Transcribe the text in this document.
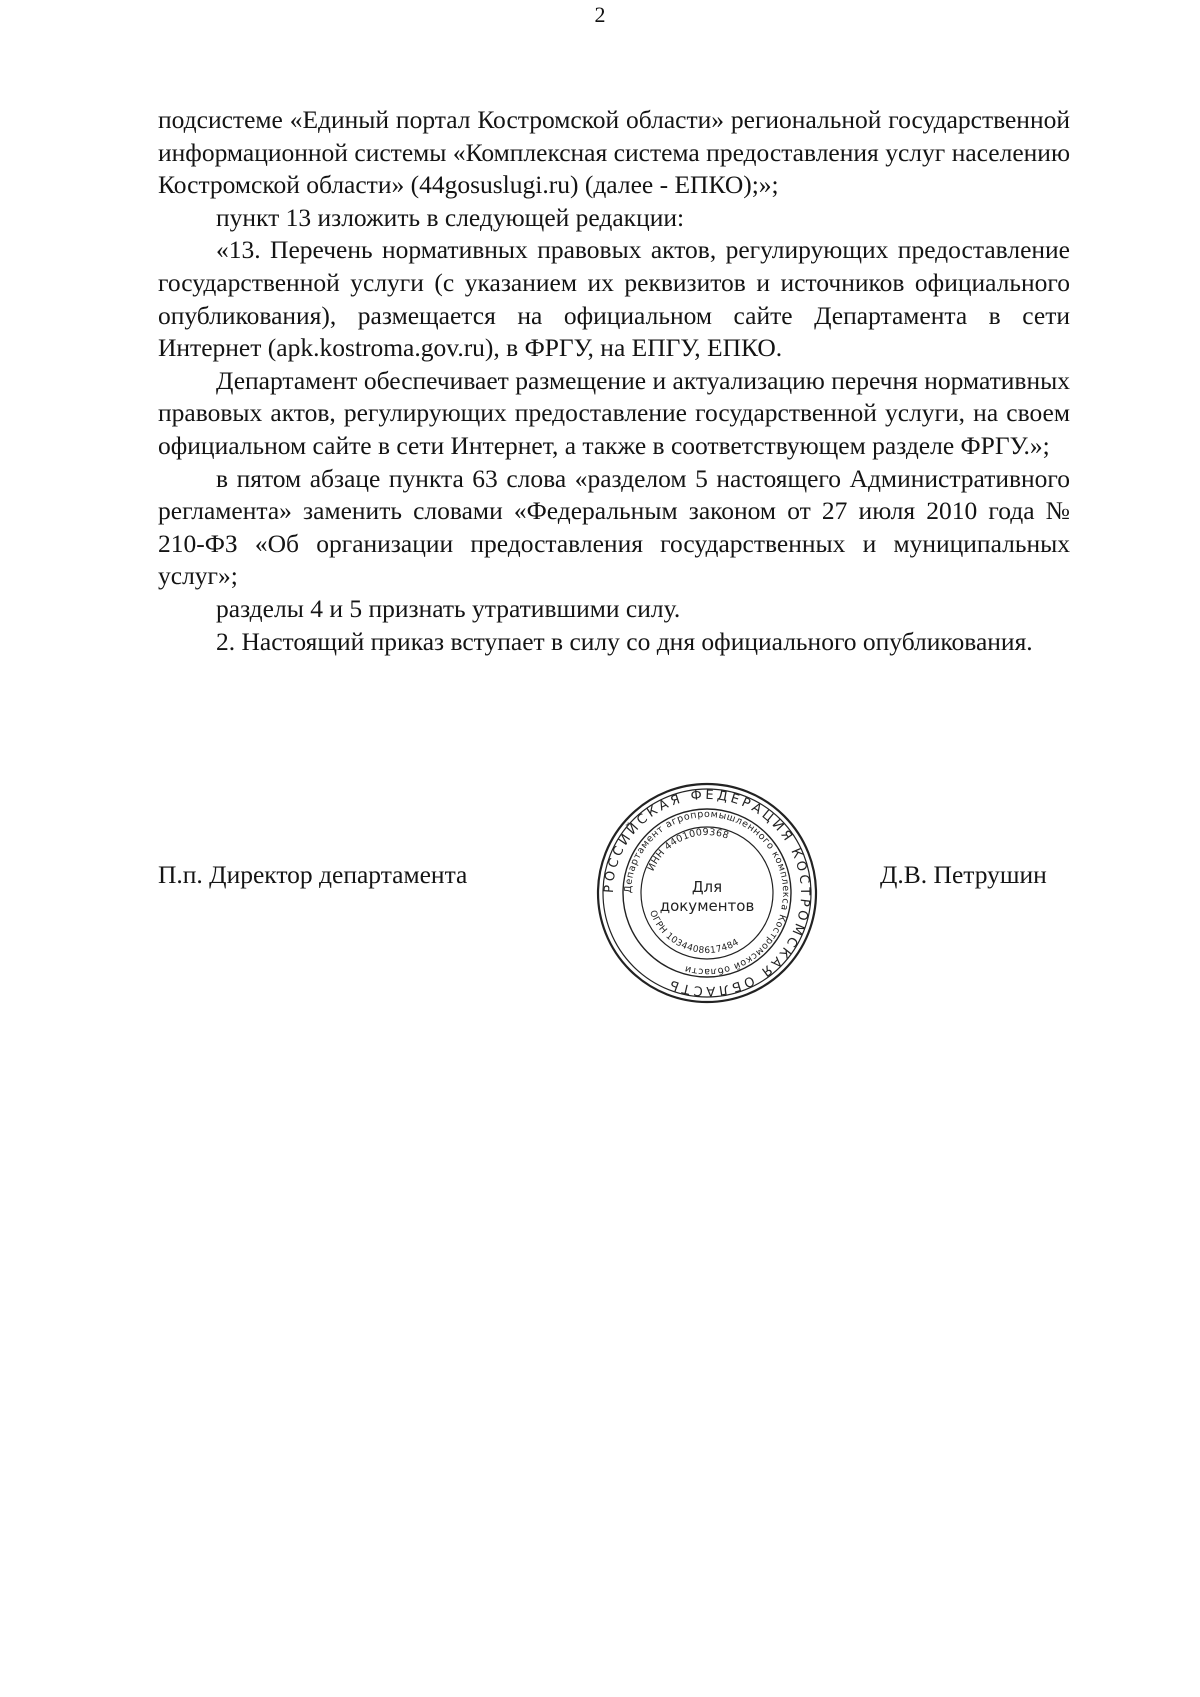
2

подсистеме «Единый портал Костромской области» региональной государственной информационной системы «Комплексная система предоставления услуг населению Костромской области» (44gosuslugi.ru) (далее - ЕПКО);»;

пункт 13 изложить в следующей редакции:

«13. Перечень нормативных правовых актов, регулирующих предоставление государственной услуги (с указанием их реквизитов и источников официального опубликования), размещается на официальном сайте Департамента в сети Интернет (apk.kostroma.gov.ru), в ФРГУ, на ЕПГУ, ЕПКО.

Департамент обеспечивает размещение и актуализацию перечня нормативных правовых актов, регулирующих предоставление государственной услуги, на своем официальном сайте в сети Интернет, а также в соответствующем разделе ФРГУ.»;

в пятом абзаце пункта 63 слова «разделом 5 настоящего Административного регламента» заменить словами «Федеральным законом от 27 июля 2010 года № 210-ФЗ «Об организации предоставления государственных и муниципальных услуг»;

разделы 4 и 5 признать утратившими силу.

2. Настоящий приказ вступает в силу со дня официального опубликования.

П.п. Директор департамента	Д.В. Петрушин
РОССИЙСКАЯ ФЕДЕРАЦИЯ КОСТРОМСКАЯ ОБЛАСТЬ
Департамент агропромышленного комплекса Костромской области
ИНН 4401009368
ОГРН 1034408617484
Для
документов
